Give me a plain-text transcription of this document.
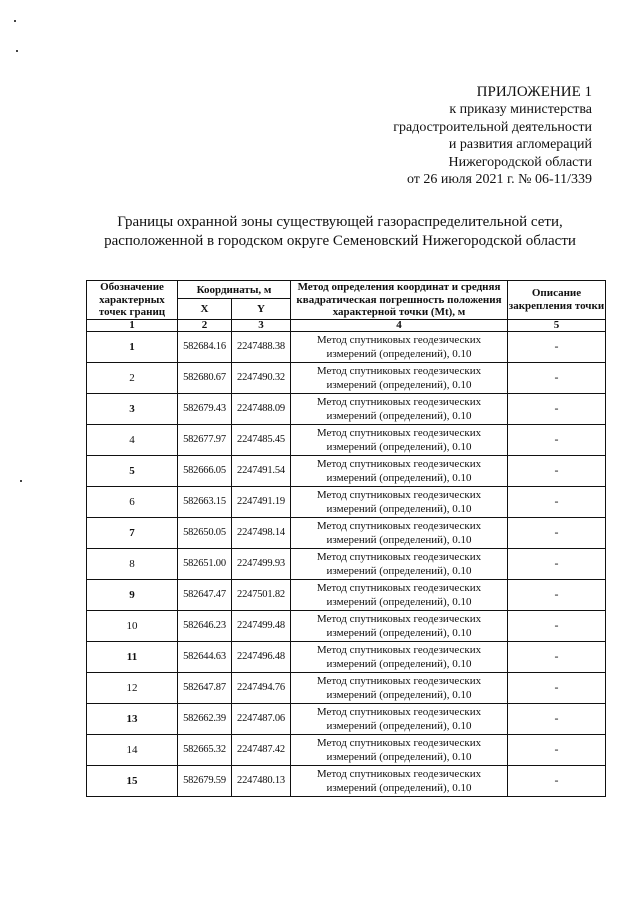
ПРИЛОЖЕНИЕ 1
к приказу министерства
градостроительной деятельности
и развития агломераций
Нижегородской области
от 26 июля 2021 г. № 06-11/339
Границы охранной зоны существующей газораспределительной сети,
расположенной в городском округе Семеновский Нижегородской области
Обозначение характерных точек границ	Координаты, м		Метод определения координат и средняя квадратическая погрешность положения характерной точки (Mt), м	Описание закрепления точки
	X	Y		
1	2	3	4	5
1	582684.16	2247488.38	Метод спутниковых геодезических измерений (определений), 0.10	-
2	582680.67	2247490.32	Метод спутниковых геодезических измерений (определений), 0.10	-
3	582679.43	2247488.09	Метод спутниковых геодезических измерений (определений), 0.10	-
4	582677.97	2247485.45	Метод спутниковых геодезических измерений (определений), 0.10	-
5	582666.05	2247491.54	Метод спутниковых геодезических измерений (определений), 0.10	-
6	582663.15	2247491.19	Метод спутниковых геодезических измерений (определений), 0.10	-
7	582650.05	2247498.14	Метод спутниковых геодезических измерений (определений), 0.10	-
8	582651.00	2247499.93	Метод спутниковых геодезических измерений (определений), 0.10	-
9	582647.47	2247501.82	Метод спутниковых геодезических измерений (определений), 0.10	-
10	582646.23	2247499.48	Метод спутниковых геодезических измерений (определений), 0.10	-
11	582644.63	2247496.48	Метод спутниковых геодезических измерений (определений), 0.10	-
12	582647.87	2247494.76	Метод спутниковых геодезических измерений (определений), 0.10	-
13	582662.39	2247487.06	Метод спутниковых геодезических измерений (определений), 0.10	-
14	582665.32	2247487.42	Метод спутниковых геодезических измерений (определений), 0.10	-
15	582679.59	2247480.13	Метод спутниковых геодезических измерений (определений), 0.10	-
